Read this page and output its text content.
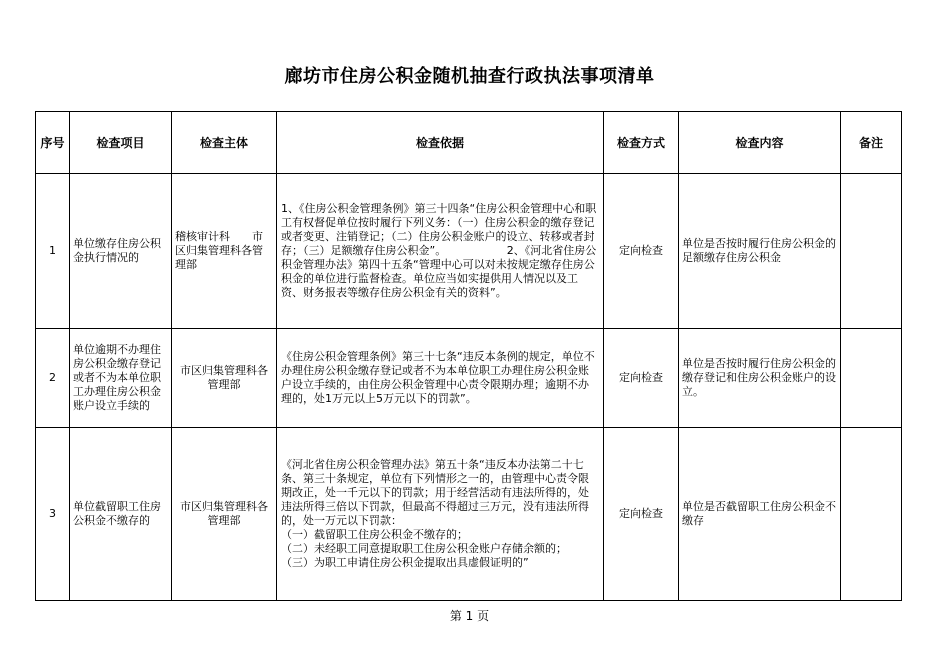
廊坊市住房公积金随机抽查行政执法事项清单
序号	检查项目	检查主体	检查依据	检查方式	检查内容	备注
1	单位缴存住房公积金执行情况的	稽核审计科　　市区归集管理科各管理部	1、《住房公积金管理条例》第三十四条“住房公积金管理中心和职工有权督促单位按时履行下列义务：（一）住房公积金的缴存登记或者变更、注销登记；（二）住房公积金账户的设立、转移或者封存；（三）足额缴存住房公积金”。　　　　　　2、《河北省住房公积金管理办法》第四十五条“管理中心可以对未按规定缴存住房公积金的单位进行监督检查。单位应当如实提供用人情况以及工资、财务报表等缴存住房公积金有关的资料”。	定向检查	单位是否按时履行住房公积金的足额缴存住房公积金	
2	单位逾期不办理住房公积金缴存登记或者不为本单位职工办理住房公积金账户设立手续的	市区归集管理科各管理部	《住房公积金管理条例》第三十七条“违反本条例的规定，单位不办理住房公积金缴存登记或者不为本单位职工办理住房公积金账户设立手续的，由住房公积金管理中心责令限期办理；逾期不办理的，处1万元以上5万元以下的罚款”。	定向检查	单位是否按时履行住房公积金的缴存登记和住房公积金账户的设立。	
3	单位截留职工住房公积金不缴存的	市区归集管理科各管理部	《河北省住房公积金管理办法》第五十条“违反本办法第二十七条、第三十条规定，单位有下列情形之一的，由管理中心责令限期改正，处一千元以下的罚款；用于经营活动有违法所得的，处违法所得三倍以下罚款，但最高不得超过三万元，没有违法所得的，处一万元以下罚款：
（一）截留职工住房公积金不缴存的；
（二）未经职工同意提取职工住房公积金账户存储余额的；
（三）为职工申请住房公积金提取出具虚假证明的”	定向检查	单位是否截留职工住房公积金不缴存	
第 1 页
